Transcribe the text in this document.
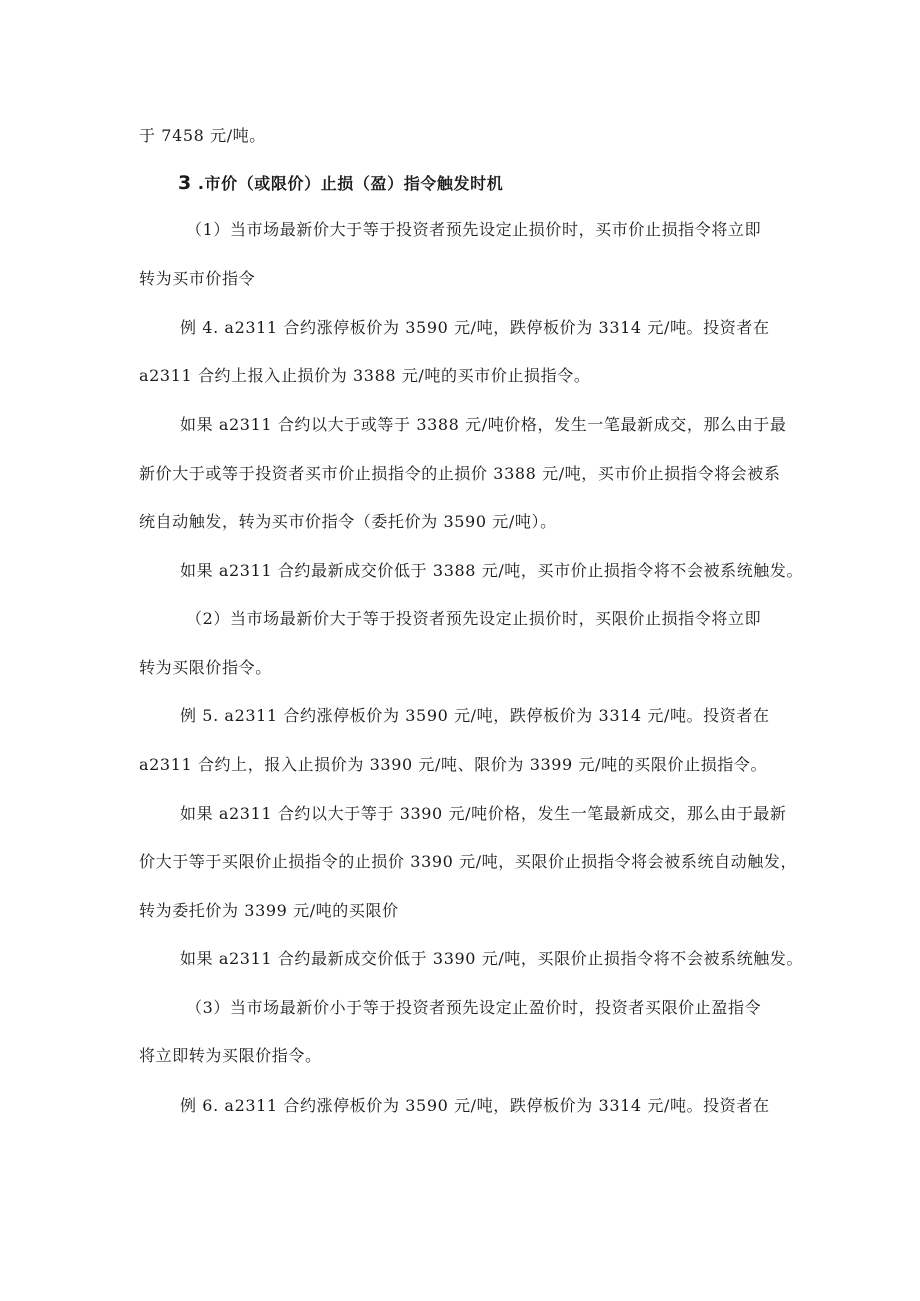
于 7458 元/吨。
3 .市价（或限价）止损（盈）指令触发时机
（1）当市场最新价大于等于投资者预先设定止损价时，买市价止损指令将立即
转为买市价指令
例 4. a2311 合约涨停板价为 3590 元/吨，跌停板价为 3314 元/吨。投资者在
a2311 合约上报入止损价为 3388 元/吨的买市价止损指令。
如果 a2311 合约以大于或等于 3388 元/吨价格，发生一笔最新成交，那么由于最
新价大于或等于投资者买市价止损指令的止损价 3388 元/吨，买市价止损指令将会被系
统自动触发，转为买市价指令（委托价为 3590 元/吨）。
如果 a2311 合约最新成交价低于 3388 元/吨，买市价止损指令将不会被系统触发。
（2）当市场最新价大于等于投资者预先设定止损价时，买限价止损指令将立即
转为买限价指令。
例 5. a2311 合约涨停板价为 3590 元/吨，跌停板价为 3314 元/吨。投资者在
a2311 合约上，报入止损价为 3390 元/吨、限价为 3399 元/吨的买限价止损指令。
如果 a2311 合约以大于等于 3390 元/吨价格，发生一笔最新成交，那么由于最新
价大于等于买限价止损指令的止损价 3390 元/吨，买限价止损指令将会被系统自动触发，
转为委托价为 3399 元/吨的买限价
如果 a2311 合约最新成交价低于 3390 元/吨，买限价止损指令将不会被系统触发。
（3）当市场最新价小于等于投资者预先设定止盈价时，投资者买限价止盈指令
将立即转为买限价指令。
例 6. a2311 合约涨停板价为 3590 元/吨，跌停板价为 3314 元/吨。投资者在
